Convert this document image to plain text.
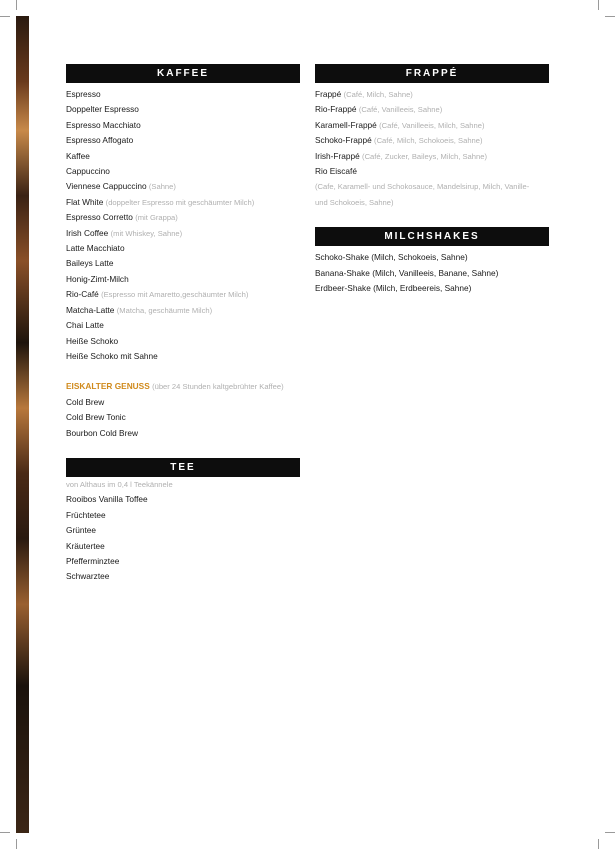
KAFFEE
Espresso
Doppelter Espresso
Espresso Macchiato
Espresso Affogato
Kaffee
Cappuccino
Viennese Cappuccino (Sahne)
Flat White (doppelter Espresso mit geschäumter Milch)
Espresso Corretto (mit Grappa)
Irish Coffee (mit Whiskey, Sahne)
Latte Macchiato
Baileys Latte
Honig-Zimt-Milch
Rio-Café (Espresso mit Amaretto,geschäumter Milch)
Matcha-Latte (Matcha, geschäumte Milch)
Chai Latte
Heiße Schoko
Heiße Schoko mit Sahne
EISKALTER GENUSS (über 24 Stunden kaltgebrühter Kaffee)
Cold Brew
Cold Brew Tonic
Bourbon Cold Brew
TEE
von Althaus im 0,4 l Teekännele
Rooibos Vanilla Toffee
Früchtetee
Grüntee
Kräutertee
Pfefferminztee
Schwarztee
FRAPPÉ
Frappé (Café, Milch, Sahne)
Rio-Frappé (Café, Vanilleeis, Sahne)
Karamell-Frappé (Café, Vanilleeis, Milch, Sahne)
Schoko-Frappé (Café, Milch, Schokoeis, Sahne)
Irish-Frappé (Café, Zucker, Baileys, Milch, Sahne)
Rio Eiscafé
(Cafe, Karamell- und Schokosauce, Mandelsirup, Milch, Vanille- und Schokoeis, Sahne)
MILCHSHAKES
Schoko-Shake (Milch, Schokoeis, Sahne)
Banana-Shake (Milch, Vanilleeis, Banane, Sahne)
Erdbeer-Shake (Milch, Erdbeereis, Sahne)
